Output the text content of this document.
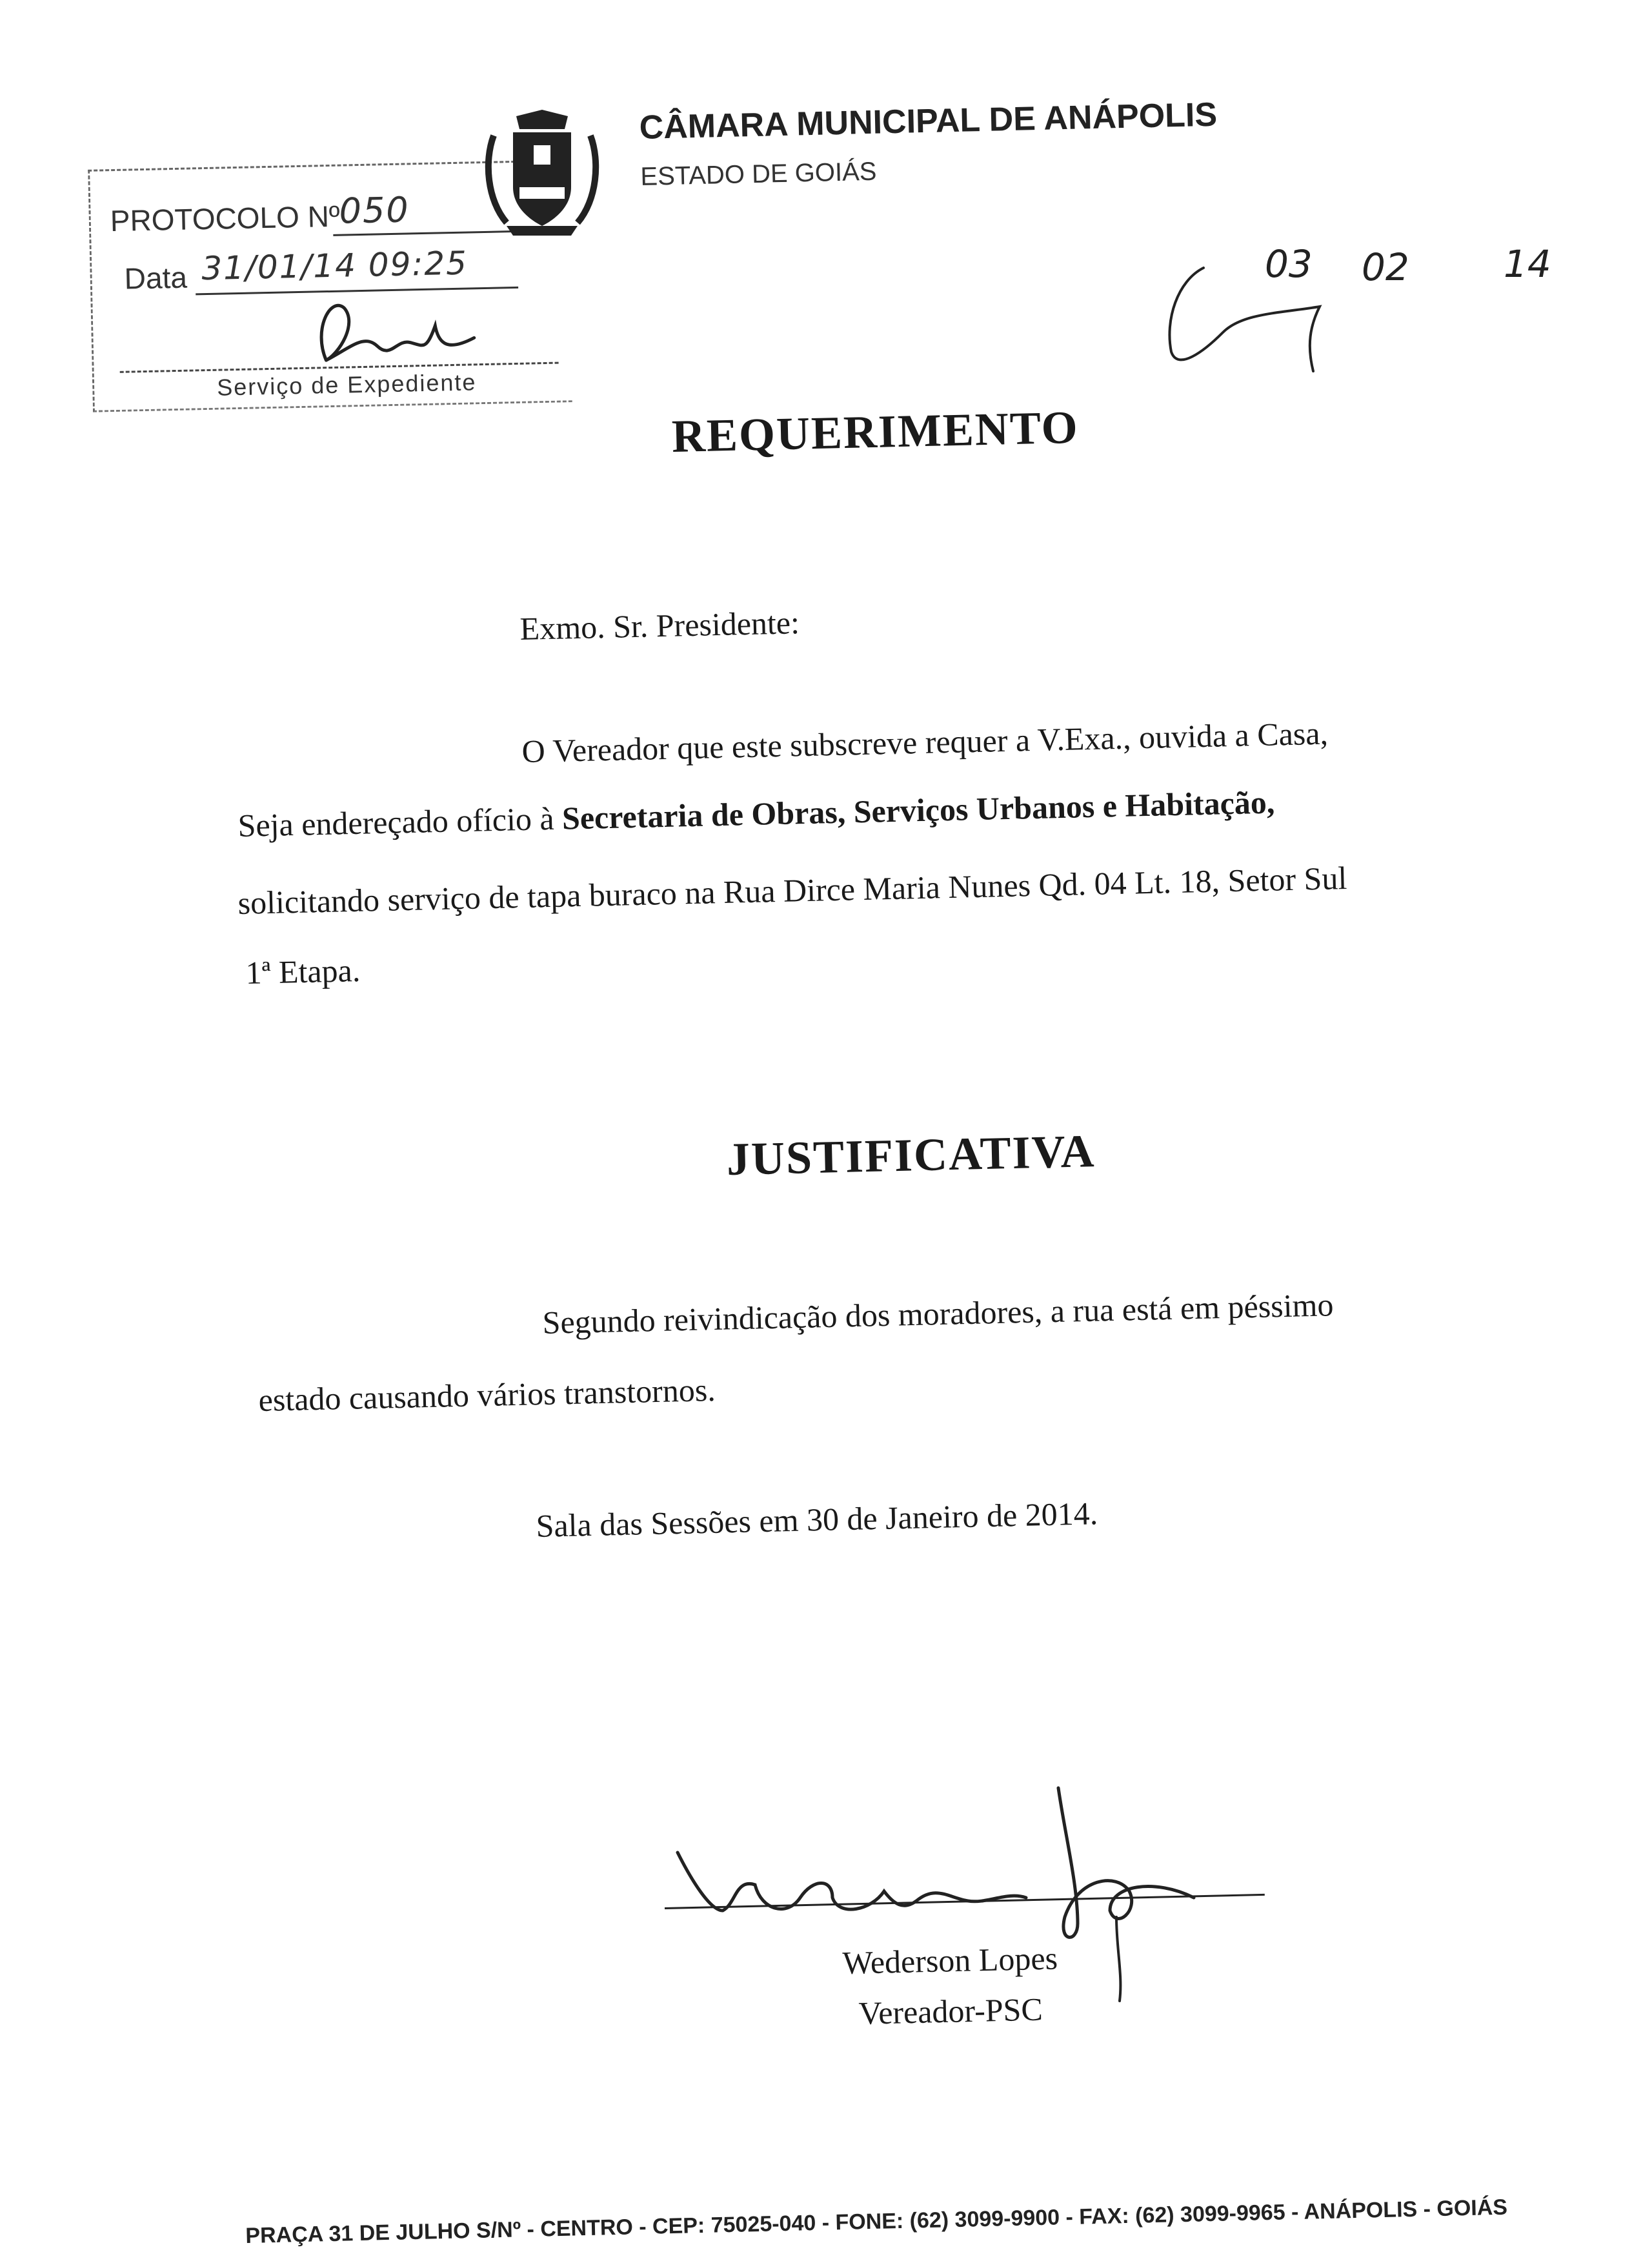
PROTOCOLO Nº
050
Data 31/01/14 09:25
Serviço de Expediente
CÂMARA MUNICIPAL DE ANÁPOLIS
ESTADO DE GOIÁS
03 02	14
REQUERIMENTO
Exmo. Sr. Presidente:
O Vereador que este subscreve requer a V.Exa., ouvida a Casa,
Seja endereçado ofício à Secretaria de Obras, Serviços Urbanos e Habitação,
solicitando serviço de tapa buraco na Rua Dirce Maria Nunes Qd. 04 Lt. 18, Setor Sul
1ª Etapa.
JUSTIFICATIVA
Segundo reivindicação dos moradores, a rua está em péssimo
estado causando vários transtornos.
Sala das Sessões em 30 de Janeiro de 2014.
Wederson Lopes
Vereador-PSC
PRAÇA 31 DE JULHO S/Nº - CENTRO - CEP: 75025-040 - FONE: (62) 3099-9900 - FAX: (62) 3099-9965 - ANÁPOLIS - GOIÁS
